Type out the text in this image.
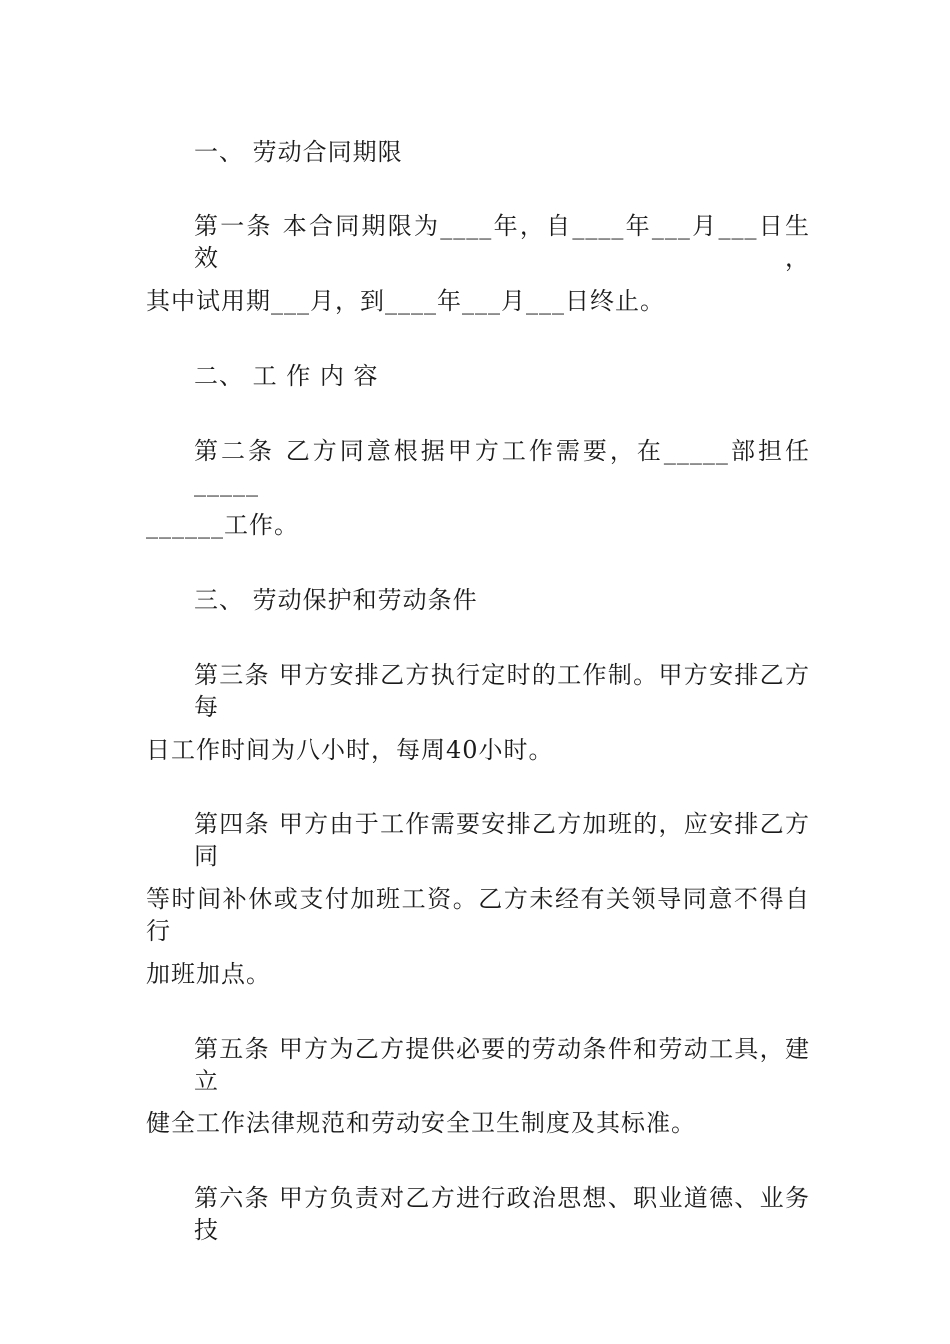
一、 劳动合同期限
第一条 本合同期限为____年，自____年___月___日生效，
其中试用期___月，到____年___月___日终止。
二、 工 作 内 容
第二条 乙方同意根据甲方工作需要，在_____部担任_____
______工作。
三、 劳动保护和劳动条件
第三条 甲方安排乙方执行定时的工作制。甲方安排乙方每
日工作时间为八小时，每周40小时。
第四条 甲方由于工作需要安排乙方加班的，应安排乙方同
等时间补休或支付加班工资。乙方未经有关领导同意不得自行
加班加点。
第五条 甲方为乙方提供必要的劳动条件和劳动工具，建立
健全工作法律规范和劳动安全卫生制度及其标准。
第六条 甲方负责对乙方进行政治思想、职业道德、业务技
